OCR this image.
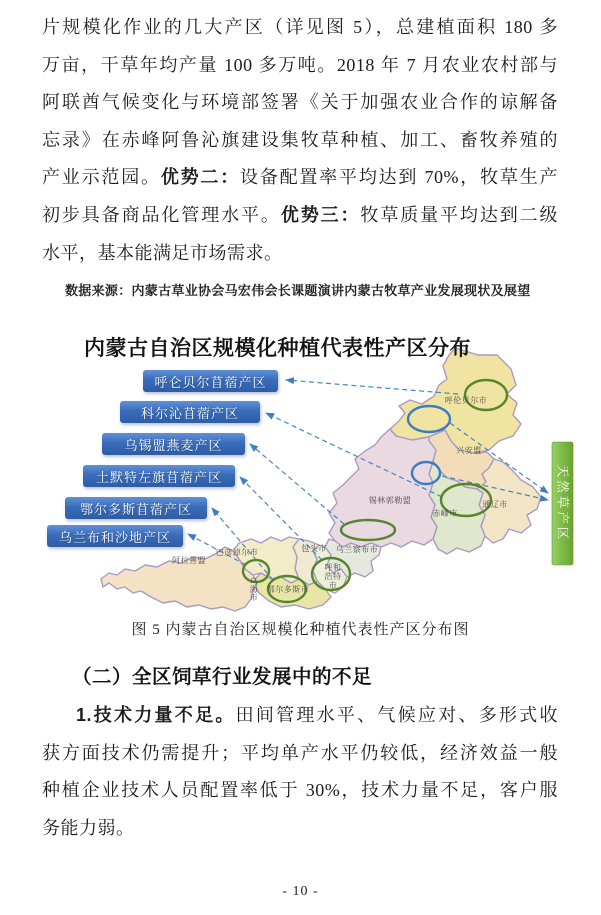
呼伦贝尔市
兴安盟
锡林郭勒盟
赤峰市
通辽市
乌兰察布市
包头市
巴彦淖尔市
阿拉善盟
鄂尔多斯市
呼和
浩特
市
乌
海
市
天然草产区
片规模化作业的几大产区（详见图 5），总建植面积 180 多
万亩，干草年均产量 100 多万吨。2018 年 7 月农业农村部与
阿联酋气候变化与环境部签署《关于加强农业合作的谅解备
忘录》在赤峰阿鲁沁旗建设集牧草种植、加工、畜牧养殖的
产业示范园。优势二：设备配置率平均达到 70%，牧草生产
初步具备商品化管理水平。优势三：牧草质量平均达到二级
水平，基本能满足市场需求。
数据来源：内蒙古草业协会马宏伟会长课题演讲内蒙古牧草产业发展现状及展望
内蒙古自治区规模化种植代表性产区分布
呼仑贝尔苜蓿产区
科尔沁苜蓿产区
乌锡盟燕麦产区
土默特左旗苜蓿产区
鄂尔多斯苜蓿产区
乌兰布和沙地产区
图 5 内蒙古自治区规模化种植代表性产区分布图
（二）全区饲草行业发展中的不足
1.技术力量不足。田间管理水平、气候应对、多形式收
获方面技术仍需提升；平均单产水平仍较低，经济效益一般
种植企业技术人员配置率低于 30%，技术力量不足，客户服
务能力弱。
- 10 -
